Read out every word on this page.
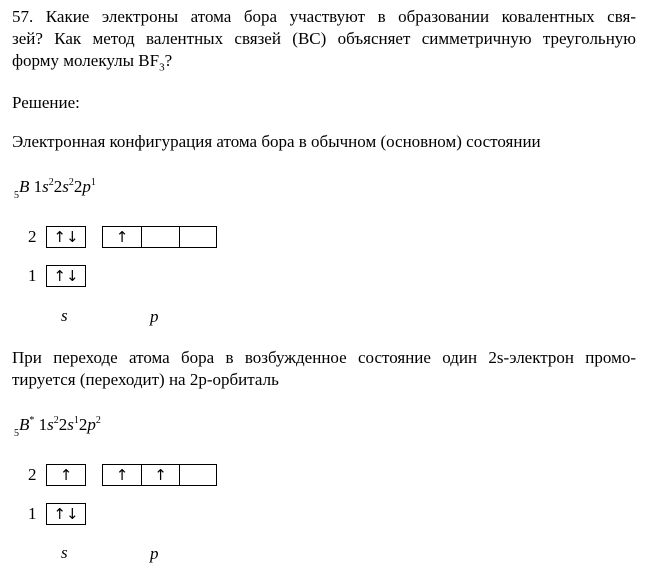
57. Какие электроны атома бора участвуют в образовании ковалентных свя-
зей? Как метод валентных связей (ВС) объясняет симметричную треугольную
форму молекулы $BF_3$?
Решение:
Электронная конфигурация атома бора в обычном (основном) состоянии
$_5$B $1s^22s^22p^1$
2	↑↓	↑
1	↑↓
s	p
При переходе атома бора в возбужденное состояние один 2s-электрон промо-
тируется (переходит) на 2р-орбиталь
$_5$B* $1s^22s^12p^2$
2	↑	↑	↑
1	↑↓
s	p
